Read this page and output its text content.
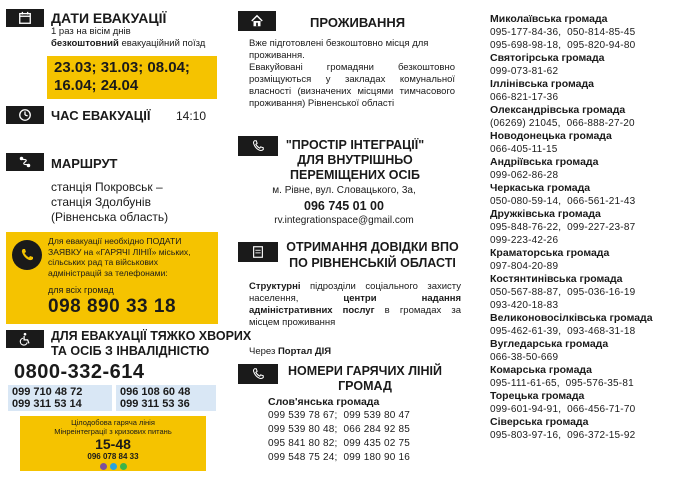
ДАТИ ЕВАКУАЦІЇ
1 раз на вісім днів
безкоштовний евакуаційний поїзд
23.03; 31.03; 08.04;
16.04; 24.04
ЧАС ЕВАКУАЦІЇ 14:10
МАРШРУТ
станція Покровськ –
станція Здолбунів
(Рівненська область)
Для евакуації необхідно ПОДАТИ ЗАЯВКУ на «ГАРЯЧІ ЛІНІЇ» міських, сільських рад та військових адміністрацій за телефонами:
для всіх громад
098 890 33 18
ДЛЯ ЕВАКУАЦІЇ ТЯЖКО ХВОРИХ
ТА ОСІБ З ІНВАЛІДНІСТЮ
0800-332-614
099 710 48 72
099 311 53 14
096 108 60 48
099 311 53 36
Цілодобова гаряча лінія
Мінреінтеграції з кризових питань
15-48
096 078 84 33
ПРОЖИВАННЯ
Вже підготовлені безкоштовно місця для проживання.
Евакуйовані громадяни безкоштовно розміщуються у закладах комунальної власності (визначених місцями тимчасового проживання) Рівненської області
"ПРОСТІР ІНТЕГРАЦІЇ"
ДЛЯ ВНУТРІШНЬО
ПЕРЕМІЩЕНИХ ОСІБ
м. Рівне, вул. Словацького, 3а,
096 745 01 00
rv.integrationspace@gmail.com
ОТРИМАННЯ ДОВІДКИ ВПО
ПО РІВНЕНСЬКІЙ ОБЛАСТІ
Структурні підрозділи соціального захисту населення, центри надання адміністративних послуг в громадах за місцем проживання
Через Портал ДІЯ
НОМЕРИ ГАРЯЧИХ ЛІНІЙ
ГРОМАД
Слов'янська громада
099 539 78 67;  099 539 80 47
099 539 80 48;  066 284 92 85
095 841 80 82;  099 435 02 75
099 548 75 24;  099 180 90 16
Миколаївська громада
095-177-84-36,  050-814-85-45
095-698-98-18,  095-820-94-80
Святогірська громада
099-073-81-62
Іллінівська громада
066-821-17-36
Олександрівська громада
(06269) 21045,  066-888-27-20
Новодонецька громада
066-405-11-15
Андріївська громада
099-062-86-28
Черкаська громада
050-080-59-14,  066-561-21-43
Дружківська громада
095-848-76-22,  099-227-23-87
099-223-42-26
Краматорська громада
097-804-20-89
Костянтинівська громада
050-567-88-87,  095-036-16-19
093-420-18-83
Великоновосілківська громада
095-462-61-39,  093-468-31-18
Вугледарська громада
066-38-50-669
Комарська громада
095-111-61-65,  095-576-35-81
Торецька громада
099-601-94-91,  066-456-71-70
Сіверська громада
095-803-97-16,  096-372-15-92
